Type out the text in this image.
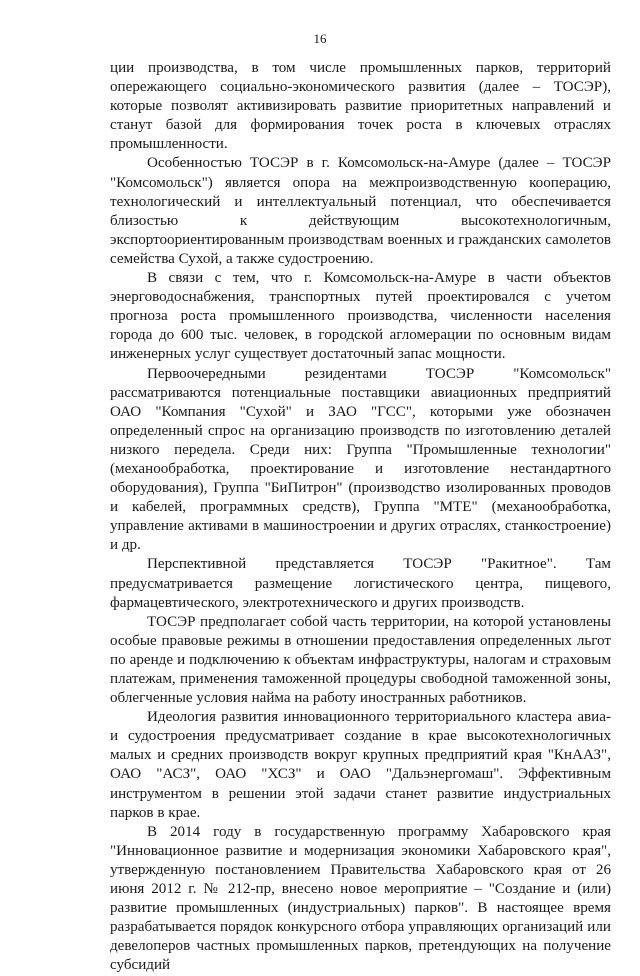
16

ции производства, в том числе промышленных парков, территорий опережающего социально-экономического развития (далее – ТОСЭР), которые позволят активизировать развитие приоритетных направлений и станут базой для формирования точек роста в ключевых отраслях промышленности.

Особенностью ТОСЭР в г. Комсомольск-на-Амуре (далее – ТОСЭР "Комсомольск") является опора на межпроизводственную кооперацию, технологический и интеллектуальный потенциал, что обеспечивается близостью к действующим высокотехнологичным, экспортоориентированным производствам военных и гражданских самолетов семейства Сухой, а также судостроению.

В связи с тем, что г. Комсомольск-на-Амуре в части объектов энерговодоснабжения, транспортных путей проектировался с учетом прогноза роста промышленного производства, численности населения города до 600 тыс. человек, в городской агломерации по основным видам инженерных услуг существует достаточный запас мощности.

Первоочередными резидентами ТОСЭР "Комсомольск" рассматриваются потенциальные поставщики авиационных предприятий ОАО "Компания "Сухой" и ЗАО "ГСС", которыми уже обозначен определенный спрос на организацию производств по изготовлению деталей низкого передела. Среди них: Группа "Промышленные технологии" (механообработка, проектирование и изготовление нестандартного оборудования), Группа "БиПитрон" (производство изолированных проводов и кабелей, программных средств), Группа "МТЕ" (механообработка, управление активами в машиностроении и других отраслях, станкостроение) и др.

Перспективной представляется ТОСЭР "Ракитное". Там предусматривается размещение логистического центра, пищевого, фармацевтического, электротехнического и других производств.

ТОСЭР предполагает собой часть территории, на которой установлены особые правовые режимы в отношении предоставления определенных льгот по аренде и подключению к объектам инфраструктуры, налогам и страховым платежам, применения таможенной процедуры свободной таможенной зоны, облегченные условия найма на работу иностранных работников.

Идеология развития инновационного территориального кластера авиа- и судостроения предусматривает создание в крае высокотехнологичных малых и средних производств вокруг крупных предприятий края "КнААЗ", ОАО "АСЗ", ОАО "ХСЗ" и ОАО "Дальэнергомаш". Эффективным инструментом в решении этой задачи станет развитие индустриальных парков в крае.

В 2014 году в государственную программу Хабаровского края "Инновационное развитие и модернизация экономики Хабаровского края", утвержденную постановлением Правительства Хабаровского края от 26 июня 2012 г. № 212-пр, внесено новое мероприятие – "Создание и (или) развитие промышленных (индустриальных) парков". В настоящее время разрабатывается порядок конкурсного отбора управляющих организаций или девелоперов частных промышленных парков, претендующих на получение субсидий
